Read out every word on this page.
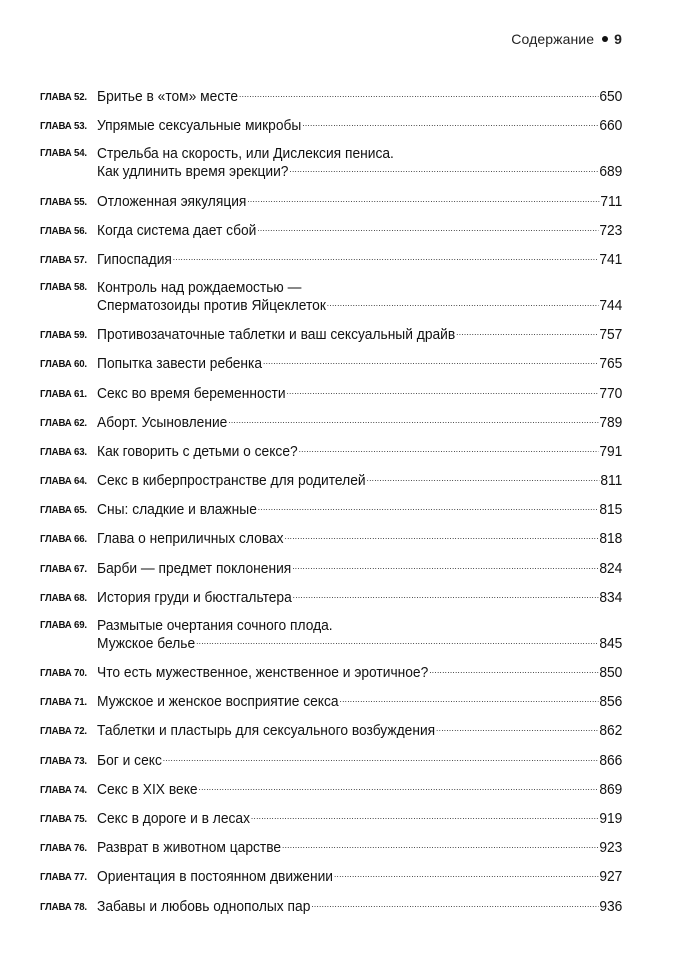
Содержание 9
ГЛАВА 52. Бритье в «том» месте .....	650
ГЛАВА 53. Упрямые сексуальные микробы .....	660
ГЛАВА 54. Стрельба на скорость, или Дислексия пениса.
Как удлинить время эрекции? .....	689
ГЛАВА 55. Отложенная эякуляция .....	711
ГЛАВА 56. Когда система дает сбой .....	723
ГЛАВА 57. Гипоспадия .....	741
ГЛАВА 58. Контроль над рождаемостью —
Сперматозоиды против Яйцеклеток .....	744
ГЛАВА 59. Противозачаточные таблетки и ваш сексуальный драйв .....	757
ГЛАВА 60. Попытка завести ребенка .....	765
ГЛАВА 61. Секс во время беременности .....	770
ГЛАВА 62. Аборт. Усыновление .....	789
ГЛАВА 63. Как говорить с детьми о сексе? .....	791
ГЛАВА 64. Секс в киберпространстве для родителей .....	811
ГЛАВА 65. Сны: сладкие и влажные .....	815
ГЛАВА 66. Глава о неприличных словах .....	818
ГЛАВА 67. Барби — предмет поклонения .....	824
ГЛАВА 68. История груди и бюстгальтера .....	834
ГЛАВА 69. Размытые очертания сочного плода.
Мужское белье .....	845
ГЛАВА 70. Что есть мужественное, женственное и эротичное? .....	850
ГЛАВА 71. Мужское и женское восприятие секса .....	856
ГЛАВА 72. Таблетки и пластырь для сексуального возбуждения .....	862
ГЛАВА 73. Бог и секс .....	866
ГЛАВА 74. Секс в XIX веке .....	869
ГЛАВА 75. Секс в дороге и в лесах .....	919
ГЛАВА 76. Разврат в животном царстве .....	923
ГЛАВА 77. Ориентация в постоянном движении .....	927
ГЛАВА 78. Забавы и любовь однополых пар .....	936
